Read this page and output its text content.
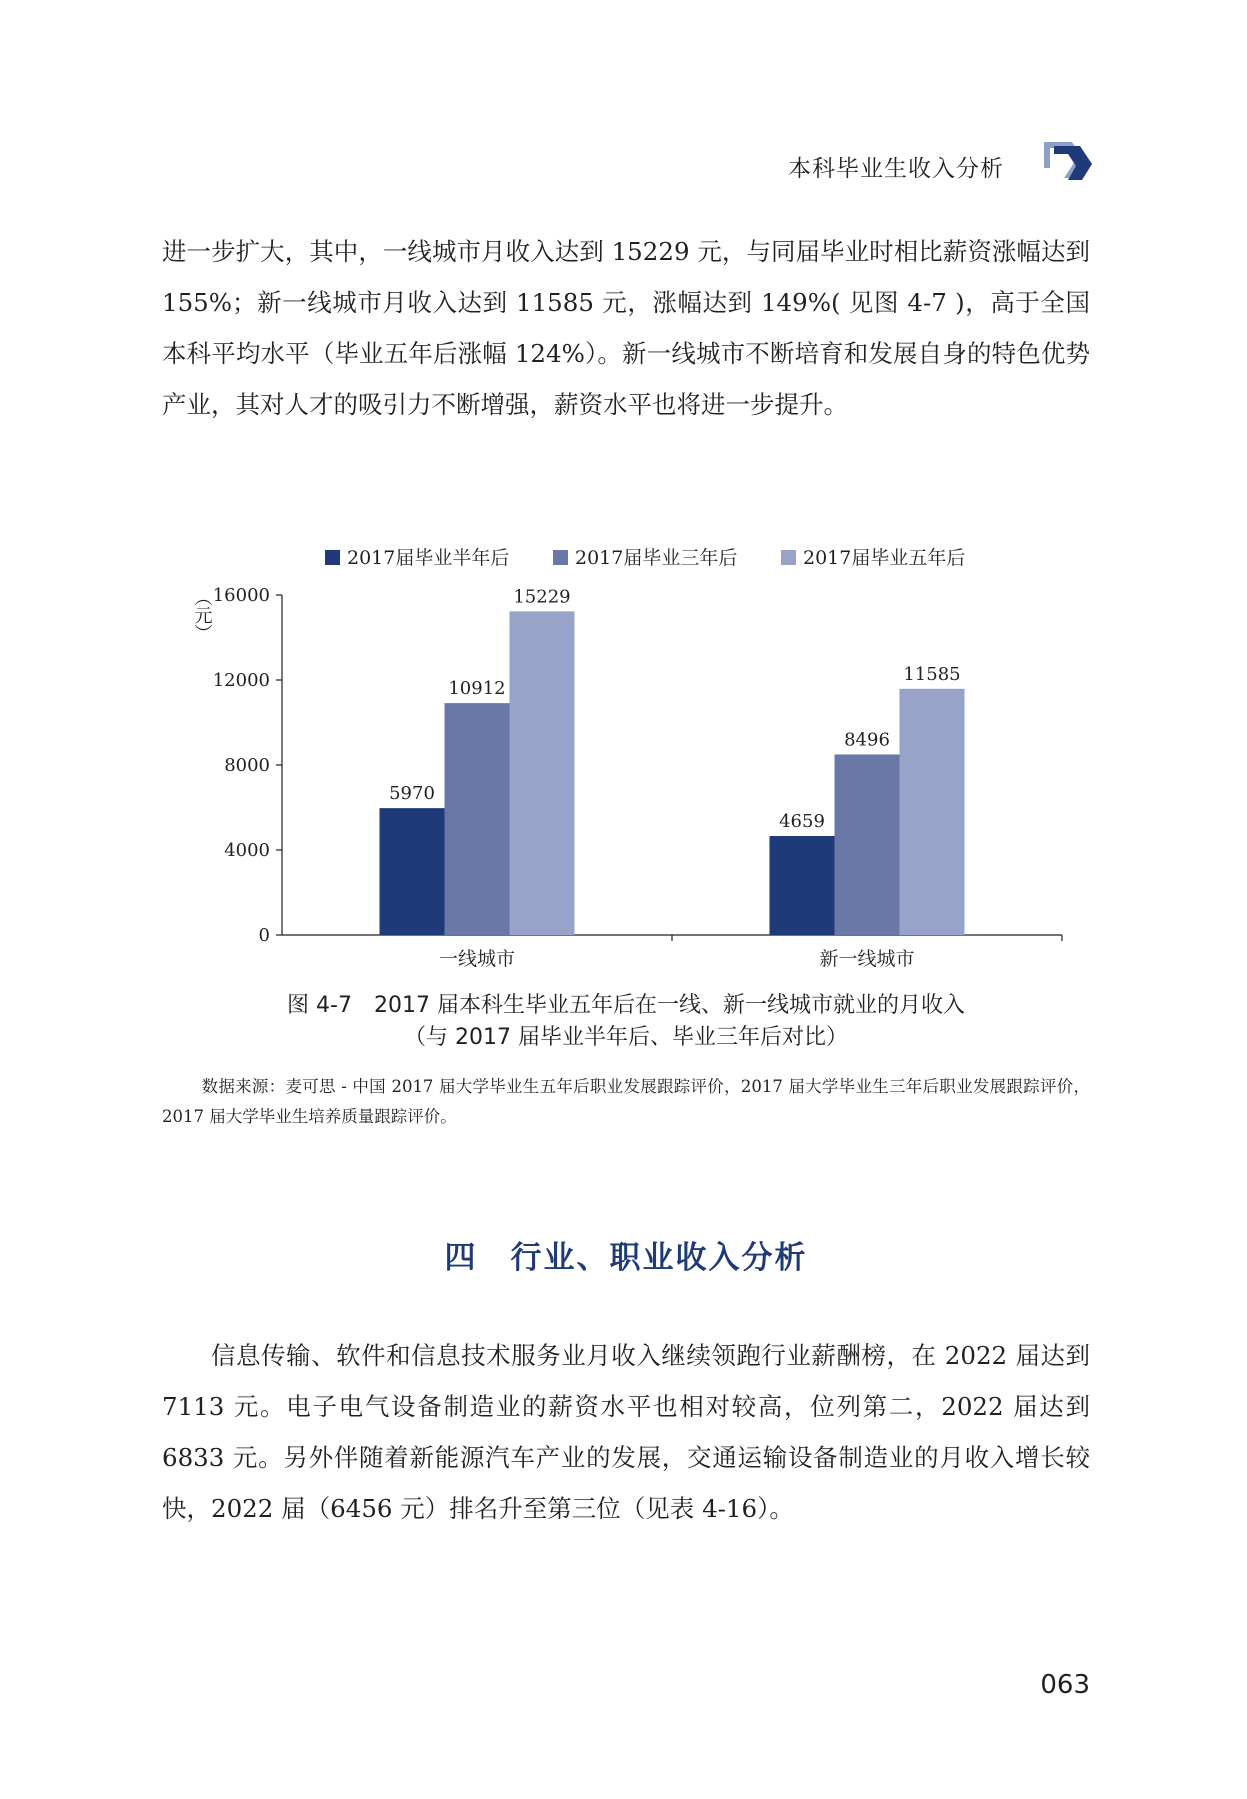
本科毕业生收入分析

进一步扩大，其中，一线城市月收入达到 15229 元，与同届毕业时相比薪资涨幅达到155%；新一线城市月收入达到 11585 元，涨幅达到 149%( 见图 4-7 )，高于全国本科平均水平（毕业五年后涨幅 124%）。新一线城市不断培育和发展自身的特色优势产业，其对人才的吸引力不断增强，薪资水平也将进一步提升。

2017届毕业半年后	2017届毕业三年后	2017届毕业五年后
0
4000
8000
12000
16000
（元）
5970
10912
15229
一线城市
4659
8496
11585
新一线城市
图 4-7　2017 届本科生毕业五年后在一线、新一线城市就业的月收入
（与 2017 届毕业半年后、毕业三年后对比）

数据来源：麦可思 - 中国 2017 届大学毕业生五年后职业发展跟踪评价，2017 届大学毕业生三年后职业发展跟踪评价，2017 届大学毕业生培养质量跟踪评价。

四　行业、职业收入分析

信息传输、软件和信息技术服务业月收入继续领跑行业薪酬榜，在 2022 届达到 7113 元。电子电气设备制造业的薪资水平也相对较高，位列第二，2022 届达到 6833 元。另外伴随着新能源汽车产业的发展，交通运输设备制造业的月收入增长较快，2022 届（6456 元）排名升至第三位（见表 4-16）。

063
